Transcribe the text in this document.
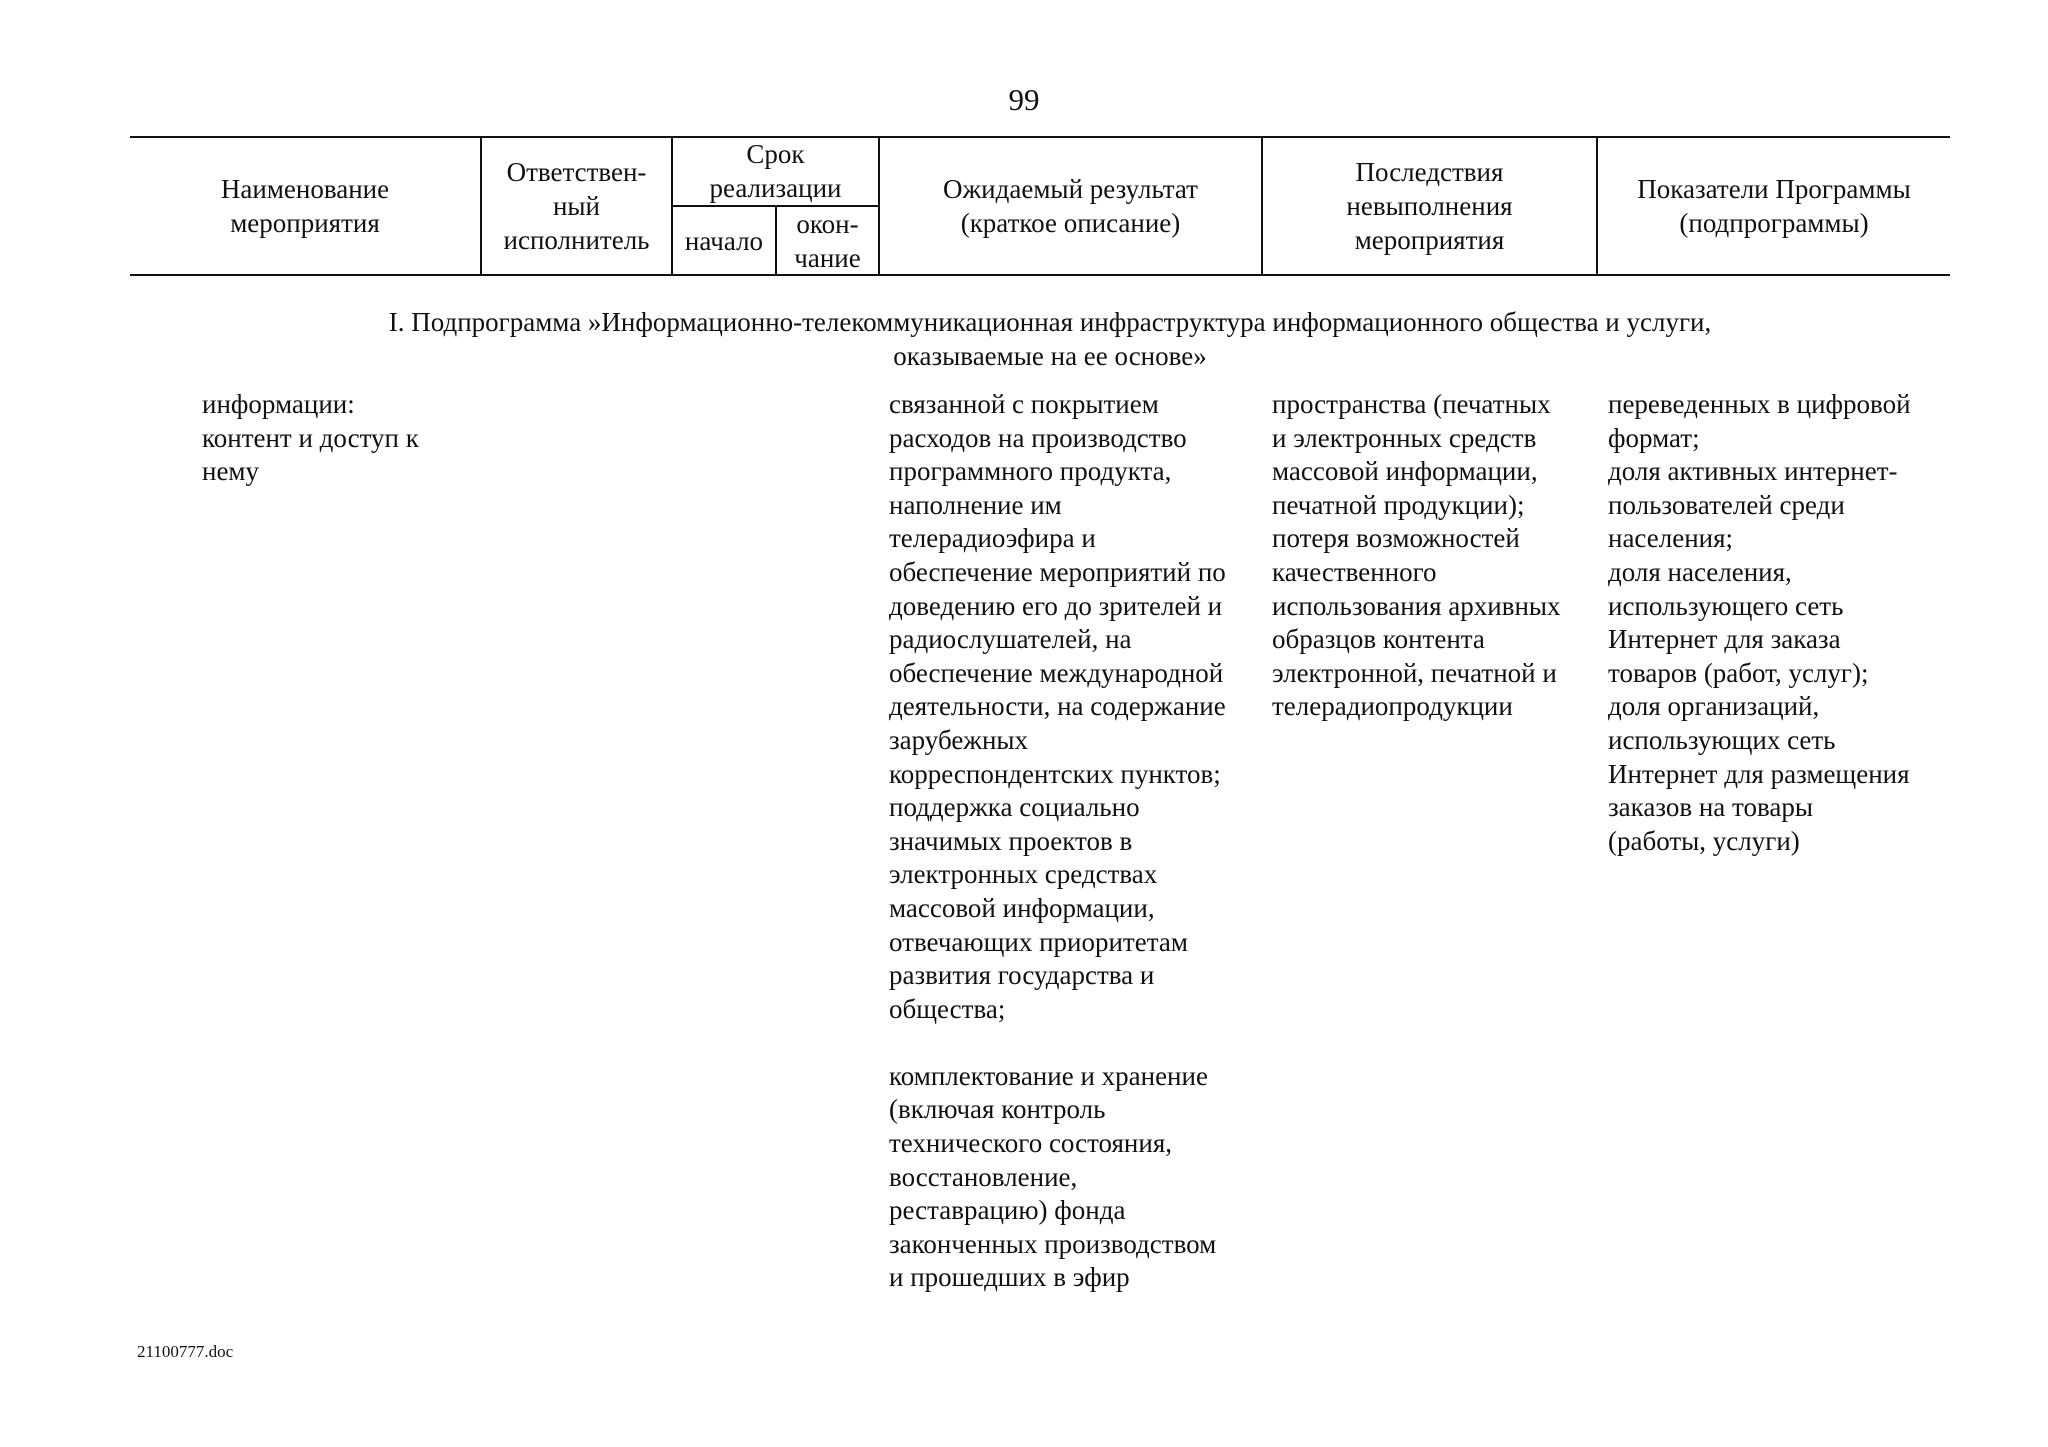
99
Наименование
мероприятия
Ответствен-
ный
исполнитель
Срок
реализации
начало
окон-
чание
Ожидаемый результат
(краткое описание)
Последствия
невыполнения
мероприятия
Показатели Программы
(подпрограммы)
I. Подпрограмма »Информационно-телекоммуникационная инфраструктура информационного общества и услуги,
оказываемые на ее основе»
информации:
контент и доступ к
нему
связанной с покрытием
расходов на производство
программного продукта,
наполнение им
телерадиоэфира и
обеспечение мероприятий по
доведению его до зрителей и
радиослушателей, на
обеспечение международной
деятельности, на содержание
зарубежных
корреспондентских пунктов;
поддержка социально
значимых проектов в
электронных средствах
массовой информации,
отвечающих приоритетам
развития государства и
общества;

комплектование и хранение
(включая контроль
технического состояния,
восстановление,
реставрацию) фонда
законченных производством
и прошедших в эфир
пространства (печатных
и электронных средств
массовой информации,
печатной продукции);
потеря возможностей
качественного
использования архивных
образцов контента
электронной, печатной и
телерадиопродукции
переведенных в цифровой
формат;
доля активных интернет-
пользователей среди
населения;
доля населения,
использующего сеть
Интернет для заказа
товаров (работ, услуг);
доля организаций,
использующих сеть
Интернет для размещения
заказов на товары
(работы, услуги)
21100777.doc
